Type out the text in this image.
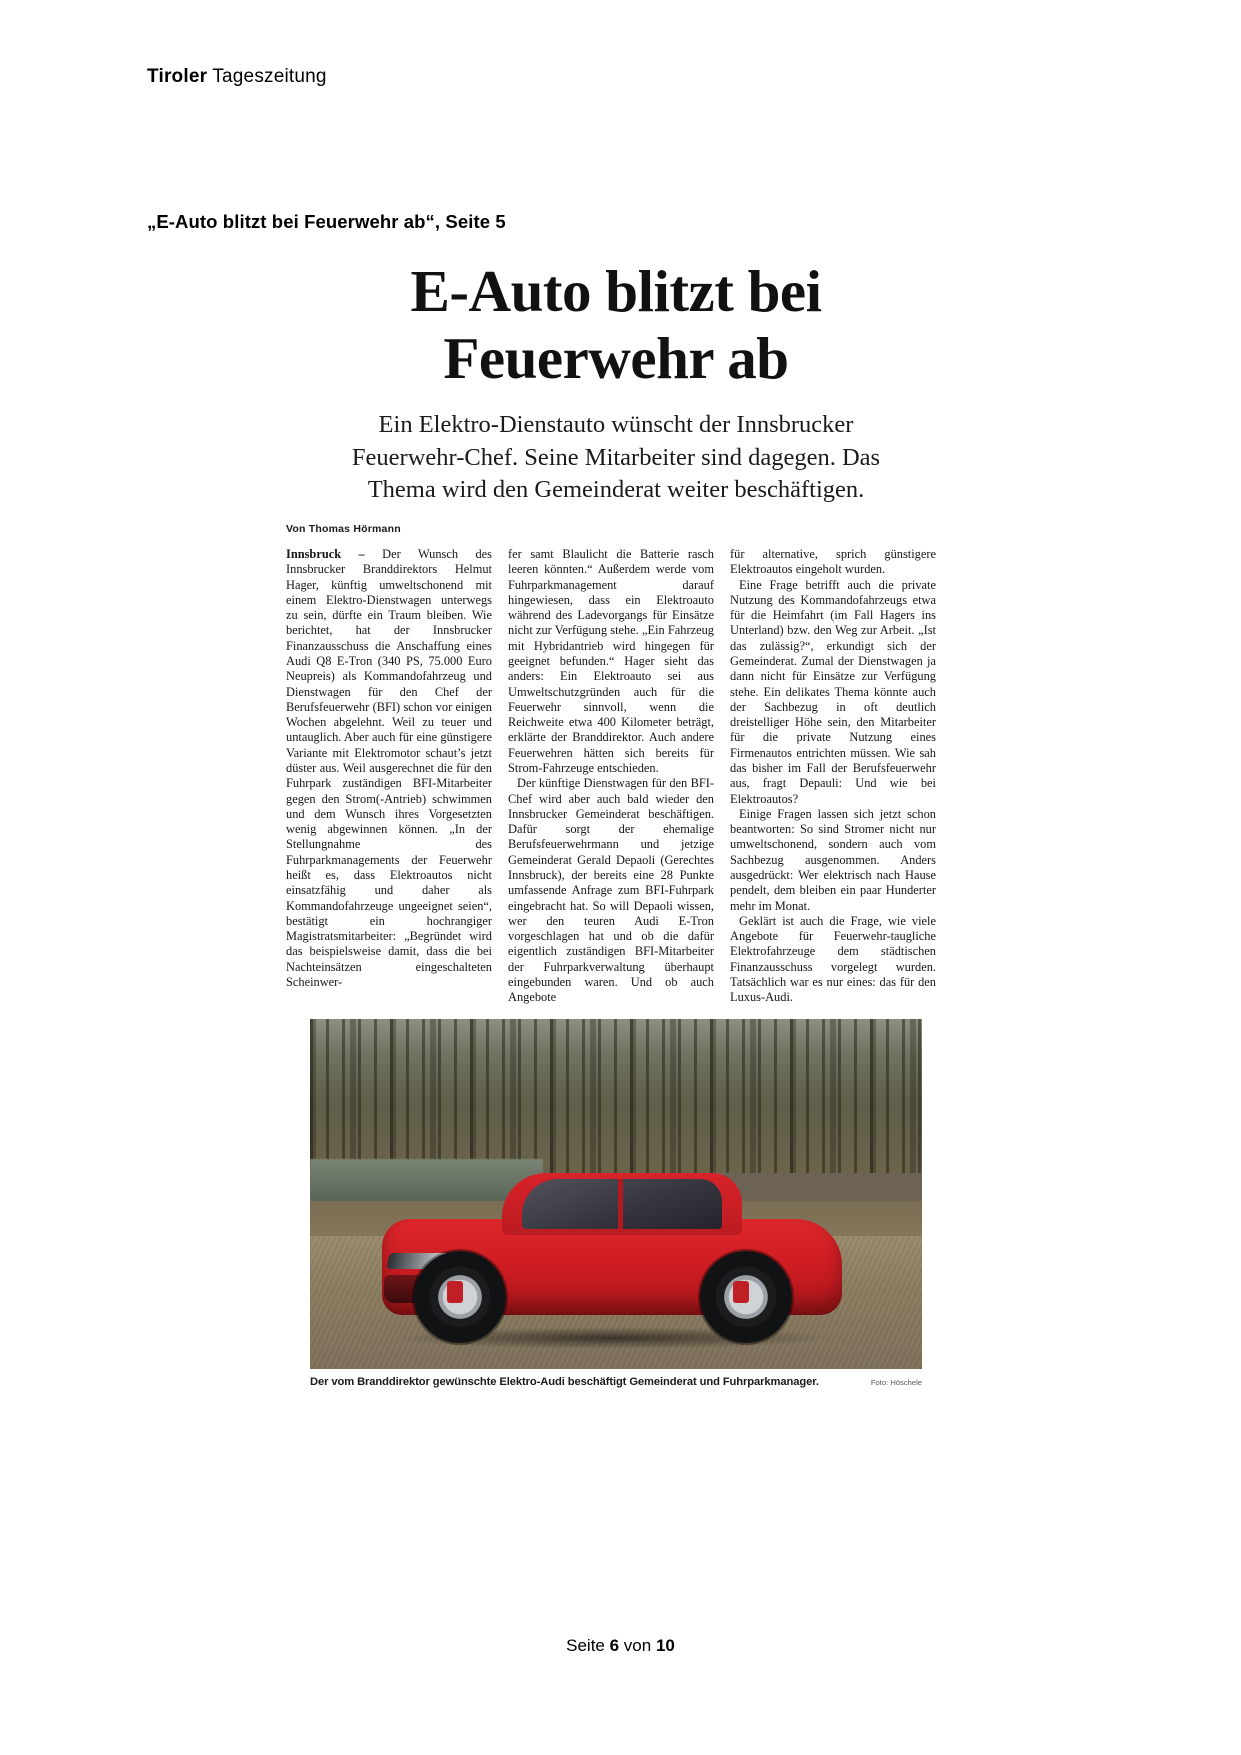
Tiroler Tageszeitung
„E-Auto blitzt bei Feuerwehr ab“, Seite 5
E-Auto blitzt bei
Feuerwehr ab
Ein Elektro-Dienstauto wünscht der Innsbrucker Feuerwehr-Chef. Seine Mitarbeiter sind dagegen. Das Thema wird den Gemeinderat weiter beschäftigen.
Von Thomas Hörmann

Innsbruck – Der Wunsch des Innsbrucker Branddirektors Helmut Hager, künftig umweltschonend mit einem Elektro-Dienstwagen unterwegs zu sein, dürfte ein Traum bleiben. Wie berichtet, hat der Innsbrucker Finanzausschuss die Anschaffung eines Audi Q8 E-Tron (340 PS, 75.000 Euro Neupreis) als Kommandofahrzeug und Dienstwagen für den Chef der Berufsfeuerwehr (BFI) schon vor einigen Wochen abgelehnt. Weil zu teuer und untauglich. Aber auch für eine günstigere Variante mit Elektromotor schaut’s jetzt düster aus. Weil ausgerechnet die für den Fuhrpark zuständigen BFI-Mitarbeiter gegen den Strom(-Antrieb) schwimmen und dem Wunsch ihres Vorgesetzten wenig abgewinnen können. „In der Stellungnahme des Fuhrparkmanagements der Feuerwehr heißt es, dass Elektroautos nicht einsatzfähig und daher als Kommandofahrzeuge ungeeignet seien“, bestätigt ein hochrangiger Magistratsmitarbeiter: „Begründet wird das beispielsweise damit, dass die bei Nachteinsätzen eingeschalteten Scheinwer-

fer samt Blaulicht die Batterie rasch leeren könnten.“ Außerdem werde vom Fuhrparkmanagement darauf hingewiesen, dass ein Elektroauto während des Ladevorgangs für Einsätze nicht zur Verfügung stehe. „Ein Fahrzeug mit Hybridantrieb wird hingegen für geeignet befunden.“ Hager sieht das anders: Ein Elektroauto sei aus Umweltschutzgründen auch für die Feuerwehr sinnvoll, wenn die Reichweite etwa 400 Kilometer beträgt, erklärte der Branddirektor. Auch andere Feuerwehren hätten sich bereits für Strom-Fahrzeuge entschieden.

Der künftige Dienstwagen für den BFI-Chef wird aber auch bald wieder den Innsbrucker Gemeinderat beschäftigen. Dafür sorgt der ehemalige Berufsfeuerwehrmann und jetzige Gemeinderat Gerald Depaoli (Gerechtes Innsbruck), der bereits eine 28 Punkte umfassende Anfrage zum BFI-Fuhrpark eingebracht hat. So will Depaoli wissen, wer den teuren Audi E-Tron vorgeschlagen hat und ob die dafür eigentlich zuständigen BFI-Mitarbeiter der Fuhrparkverwaltung überhaupt eingebunden waren. Und ob auch Angebote

für alternative, sprich günstigere Elektroautos eingeholt wurden.

Eine Frage betrifft auch die private Nutzung des Kommandofahrzeugs etwa für die Heimfahrt (im Fall Hagers ins Unterland) bzw. den Weg zur Arbeit. „Ist das zulässig?“, erkundigt sich der Gemeinderat. Zumal der Dienstwagen ja dann nicht für Einsätze zur Verfügung stehe. Ein delikates Thema könnte auch der Sachbezug in oft deutlich dreistelliger Höhe sein, den Mitarbeiter für die private Nutzung eines Firmenautos entrichten müssen. Wie sah das bisher im Fall der Berufsfeuerwehr aus, fragt Depauli: Und wie bei Elektroautos?

Einige Fragen lassen sich jetzt schon beantworten: So sind Stromer nicht nur umweltschonend, sondern auch vom Sachbezug ausgenommen. Anders ausgedrückt: Wer elektrisch nach Hause pendelt, dem bleiben ein paar Hunderter mehr im Monat.

Geklärt ist auch die Frage, wie viele Angebote für Feuerwehr-taugliche Elektrofahrzeuge dem städtischen Finanzausschuss vorgelegt wurden. Tatsächlich war es nur eines: das für den Luxus-Audi.

Der vom Branddirektor gewünschte Elektro-Audi beschäftigt Gemeinderat und Fuhrparkmanager.	Foto: Höschele
Seite 6 von 10
